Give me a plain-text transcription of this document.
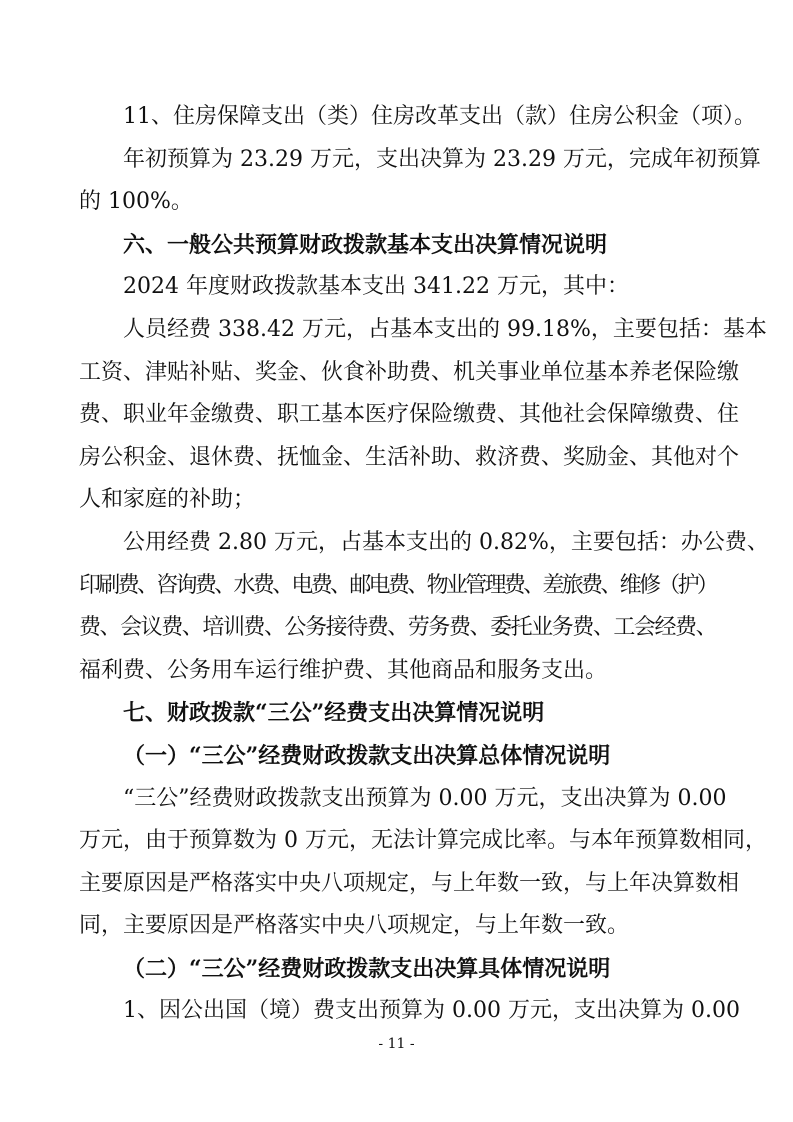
11、住房保障支出（类）住房改革支出（款）住房公积金（项）。
年初预算为 23.29 万元，支出决算为 23.29 万元，完成年初预算
的 100%。
六、一般公共预算财政拨款基本支出决算情况说明
2024 年度财政拨款基本支出 341.22 万元，其中：
人员经费 338.42 万元，占基本支出的 99.18%，主要包括：基本
工资、津贴补贴、奖金、伙食补助费、机关事业单位基本养老保险缴
费、职业年金缴费、职工基本医疗保险缴费、其他社会保障缴费、住
房公积金、退休费、抚恤金、生活补助、救济费、奖励金、其他对个
人和家庭的补助；
公用经费 2.80 万元，占基本支出的 0.82%，主要包括：办公费、
印刷费、咨询费、水费、电费、邮电费、物业管理费、差旅费、维修（护）
费、会议费、培训费、公务接待费、劳务费、委托业务费、工会经费、
福利费、公务用车运行维护费、其他商品和服务支出。
七、财政拨款“三公”经费支出决算情况说明
（一）“三公”经费财政拨款支出决算总体情况说明
“三公”经费财政拨款支出预算为 0.00 万元，支出决算为 0.00
万元，由于预算数为 0 万元，无法计算完成比率。与本年预算数相同，
主要原因是严格落实中央八项规定，与上年数一致，与上年决算数相
同，主要原因是严格落实中央八项规定，与上年数一致。
（二）“三公”经费财政拨款支出决算具体情况说明
1、因公出国（境）费支出预算为 0.00 万元，支出决算为 0.00
- 11 -
